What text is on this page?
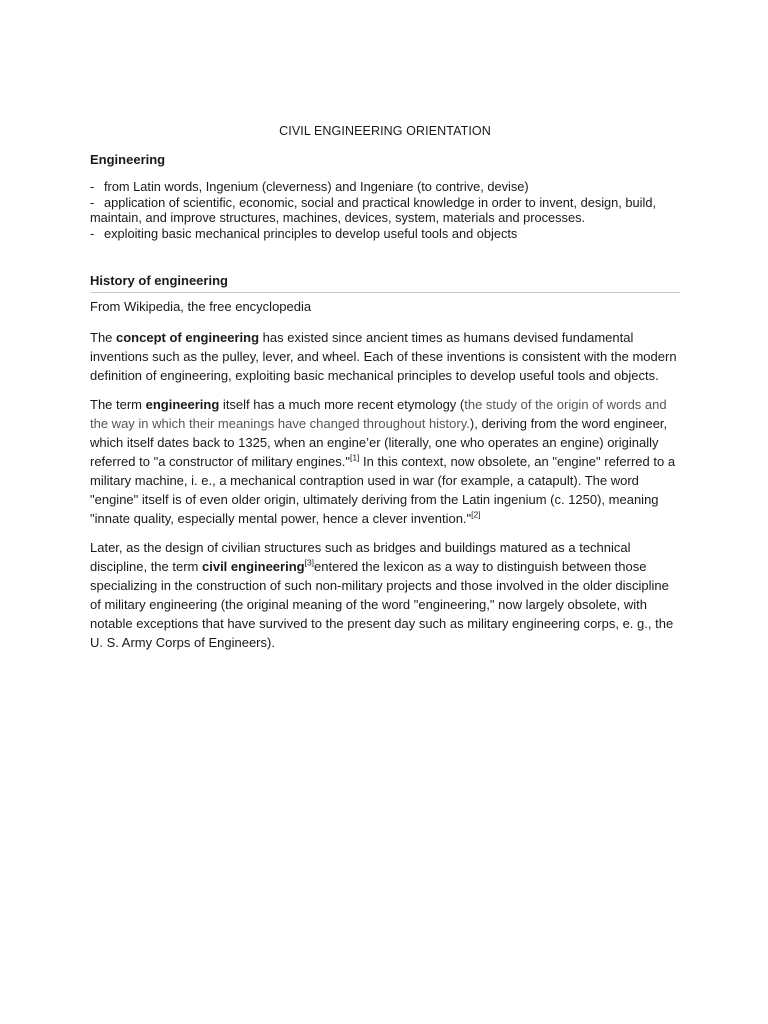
CIVIL ENGINEERING ORIENTATION
Engineering
- from Latin words, Ingenium (cleverness) and Ingeniare (to contrive, devise)
- application of scientific, economic, social and practical knowledge in order to invent, design, build, maintain, and improve structures, machines, devices, system, materials and processes.
- exploiting basic mechanical principles to develop useful tools and objects
History of engineering
From Wikipedia, the free encyclopedia

The concept of engineering has existed since ancient times as humans devised fundamental inventions such as the pulley, lever, and wheel. Each of these inventions is consistent with the modern definition of engineering, exploiting basic mechanical principles to develop useful tools and objects.

The term engineering itself has a much more recent etymology (the study of the origin of words and the way in which their meanings have changed throughout history.), deriving from the word engineer, which itself dates back to 1325, when an engine’er (literally, one who operates an engine) originally referred to "a constructor of military engines."[1] In this context, now obsolete, an "engine" referred to a military machine, i. e., a mechanical contraption used in war (for example, a catapult). The word "engine" itself is of even older origin, ultimately deriving from the Latin ingenium (c. 1250), meaning "innate quality, especially mental power, hence a clever invention."[2]

Later, as the design of civilian structures such as bridges and buildings matured as a technical discipline, the term civil engineering[3]entered the lexicon as a way to distinguish between those specializing in the construction of such non-military projects and those involved in the older discipline of military engineering (the original meaning of the word "engineering," now largely obsolete, with notable exceptions that have survived to the present day such as military engineering corps, e. g., the U. S. Army Corps of Engineers).
